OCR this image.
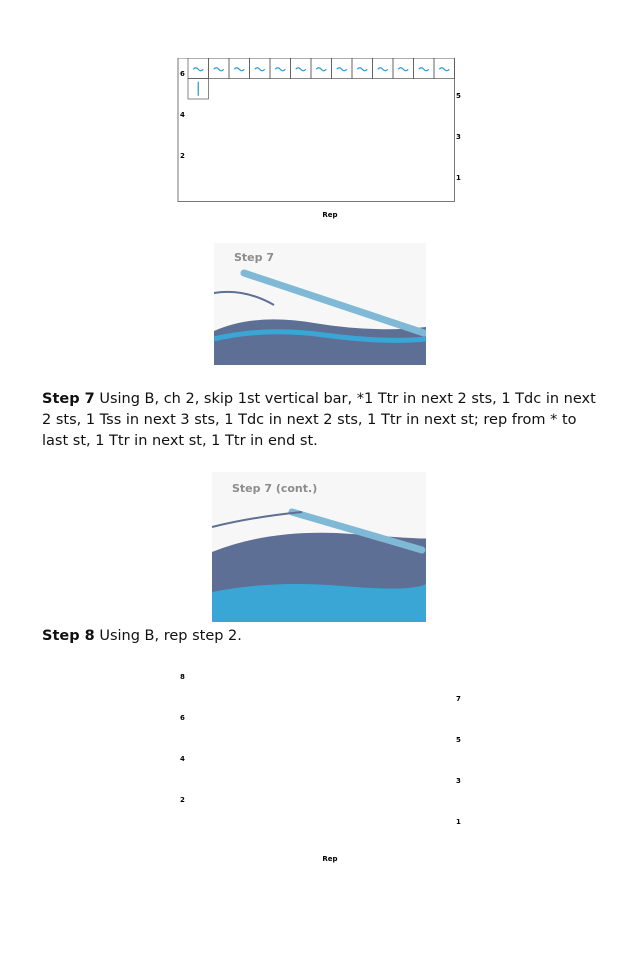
6
4
2
5
3
1
Rep
Step 7
Step 7 Using B, ch 2, skip 1st vertical bar, *1 Ttr in next 2 sts, 1 Tdc in next 2 sts, 1 Tss in next 3 sts, 1 Tdc in next 2 sts, 1 Ttr in next st; rep from * to last st, 1 Ttr in next st, 1 Ttr in end st.
Step 7 (cont.)
Step 8 Using B, rep step 2.
8
6
4
2
7
5
3
1
Rep
